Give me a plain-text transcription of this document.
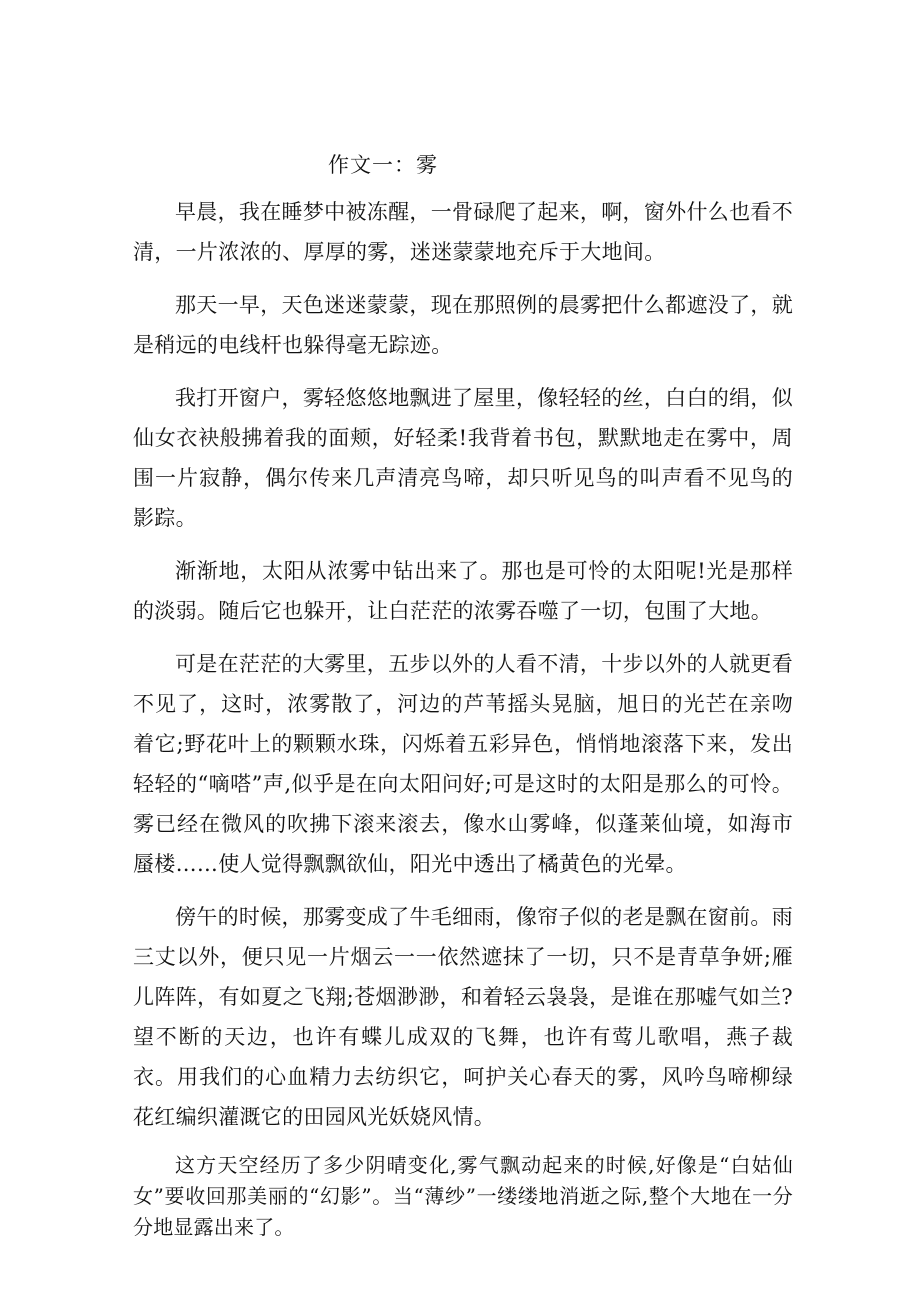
作文一：雾

早晨，我在睡梦中被冻醒，一骨碌爬了起来，啊，窗外什么也看不清，一片浓浓的、厚厚的雾，迷迷蒙蒙地充斥于大地间。

那天一早，天色迷迷蒙蒙，现在那照例的晨雾把什么都遮没了，就是稍远的电线杆也躲得毫无踪迹。

我打开窗户，雾轻悠悠地飘进了屋里，像轻轻的丝，白白的绢，似仙女衣袂般拂着我的面颊，好轻柔!我背着书包，默默地走在雾中，周围一片寂静，偶尔传来几声清亮鸟啼，却只听见鸟的叫声看不见鸟的影踪。

渐渐地，太阳从浓雾中钻出来了。那也是可怜的太阳呢!光是那样的淡弱。随后它也躲开，让白茫茫的浓雾吞噬了一切，包围了大地。

可是在茫茫的大雾里，五步以外的人看不清，十步以外的人就更看不见了，这时，浓雾散了，河边的芦苇摇头晃脑，旭日的光芒在亲吻着它;野花叶上的颗颗水珠，闪烁着五彩异色，悄悄地滚落下来，发出轻轻的“嘀嗒”声,似乎是在向太阳问好;可是这时的太阳是那么的可怜。雾已经在微风的吹拂下滚来滚去，像水山雾峰，似蓬莱仙境，如海市蜃楼……使人觉得飘飘欲仙，阳光中透出了橘黄色的光晕。

傍午的时候，那雾变成了牛毛细雨，像帘子似的老是飘在窗前。雨三丈以外，便只见一片烟云一一依然遮抹了一切，只不是青草争妍;雁儿阵阵，有如夏之飞翔;苍烟渺渺，和着轻云袅袅，是谁在那嘘气如兰?望不断的天边，也许有蝶儿成双的飞舞，也许有莺儿歌唱，燕子裁衣。用我们的心血精力去纺织它，呵护关心春天的雾，风吟鸟啼柳绿花红编织灌溉它的田园风光妖娆风情。

这方天空经历了多少阴晴变化,雾气飘动起来的时候,好像是“白姑仙女”要收回那美丽的“幻影”。当“薄纱”一缕缕地消逝之际,整个大地在一分分地显露出来了。
